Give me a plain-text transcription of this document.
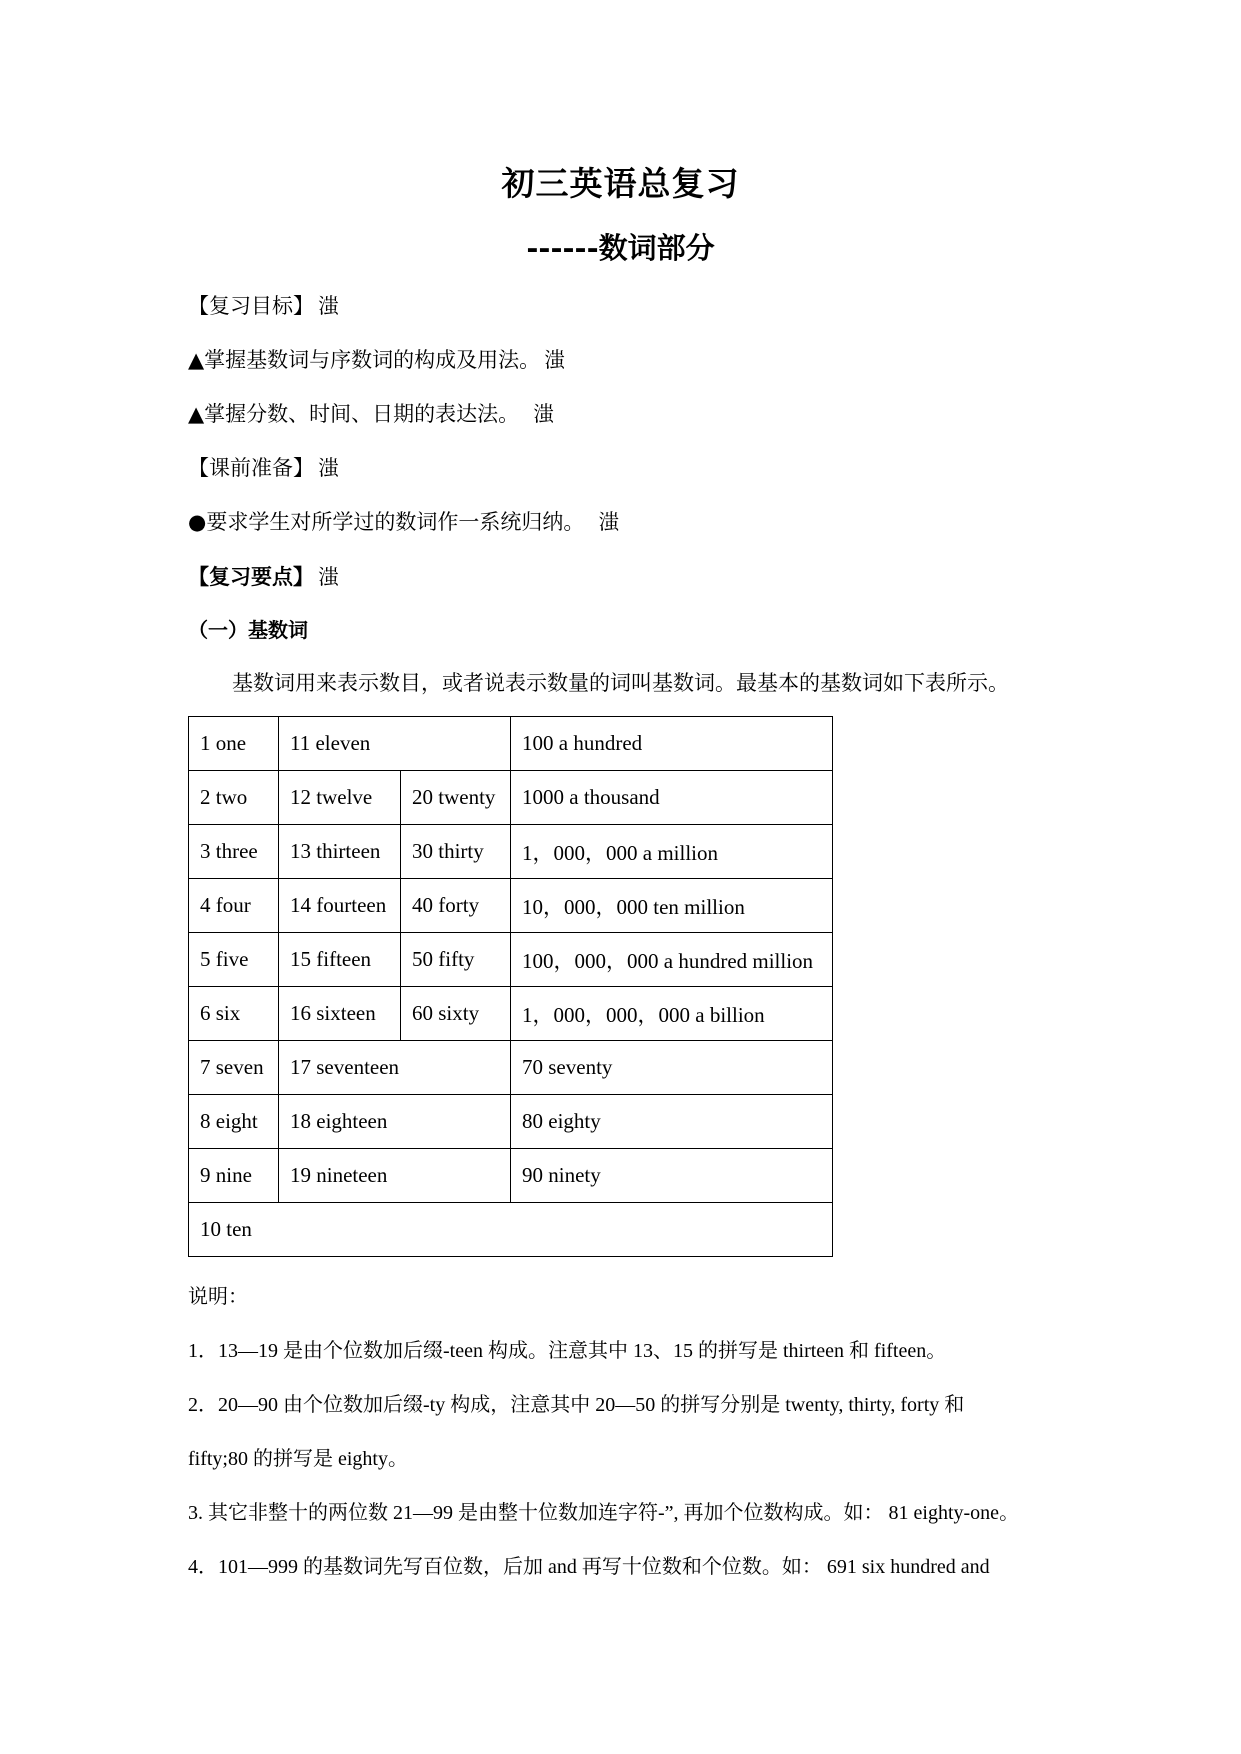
初三英语总复习
------数词部分
【复习目标】 滍
▲掌握基数词与序数词的构成及用法。 滍
▲掌握分数、时间、日期的表达法。 滍
【课前准备】 滍
●要求学生对所学过的数词作一系统归纳。 滍
【复习要点】 滍
（一）基数词
基数词用来表示数目，或者说表示数量的词叫基数词。最基本的基数词如下表所示。
1 one	11 eleven		100 a hundred
2 two	12 twelve	20 twenty	1000 a thousand
3 three	13 thirteen	30 thirty	1，000，000 a million
4 four	14 fourteen	40 forty	10，000，000 ten million
5 five	15 fifteen	50 fifty	100，000，000 a hundred million
6 six	16 sixteen	60 sixty	1，000，000，000 a billion
7 seven	17 seventeen		70 seventy
8 eight	18 eighteen		80 eighty
9 nine	19 nineteen		90 ninety
10 ten			
说明：
1．13—19 是由个位数加后缀-teen 构成。注意其中 13、15 的拼写是 thirteen 和 fifteen。
2．20—90 由个位数加后缀-ty 构成，注意其中 20—50 的拼写分别是 twenty, thirty, forty 和
fifty;80 的拼写是 eighty。
3. 其它非整十的两位数 21—99 是由整十位数加连字符-”, 再加个位数构成。如： 81 eighty-one。
4．101—999 的基数词先写百位数，后加 and 再写十位数和个位数。如： 691 six hundred and
